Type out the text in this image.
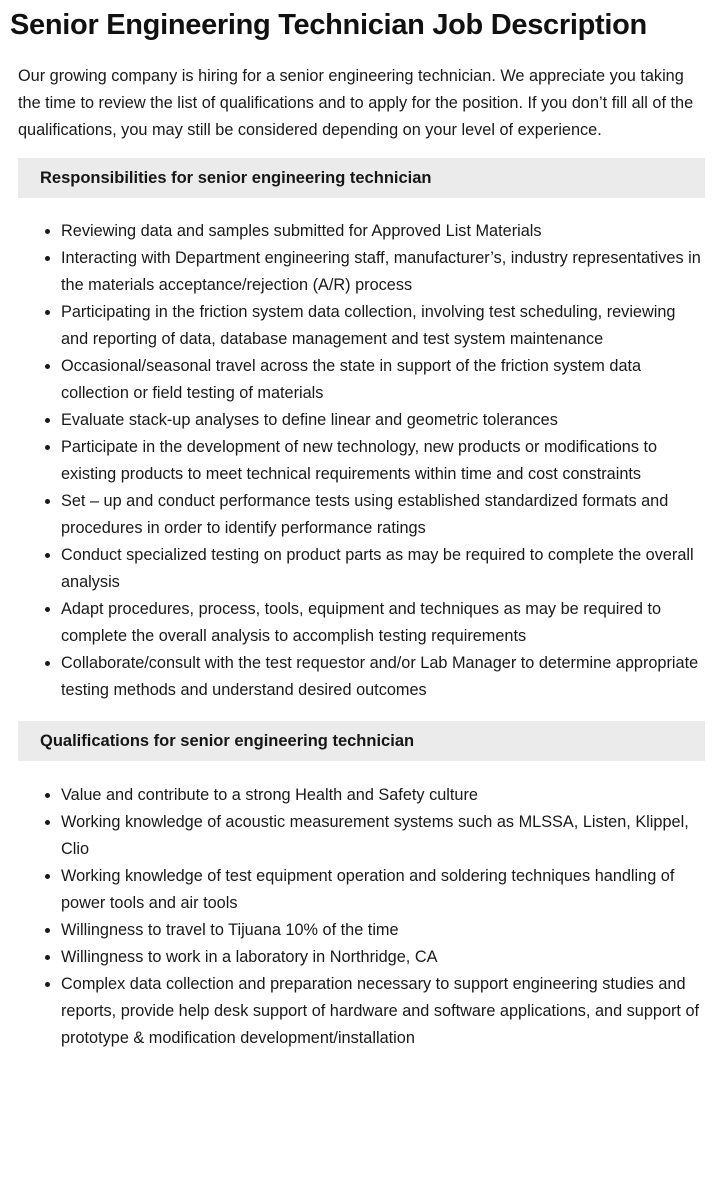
Senior Engineering Technician Job Description

Our growing company is hiring for a senior engineering technician. We appreciate you taking the time to review the list of qualifications and to apply for the position. If you don’t fill all of the qualifications, you may still be considered depending on your level of experience.

Responsibilities for senior engineering technician
• Reviewing data and samples submitted for Approved List Materials
• Interacting with Department engineering staff, manufacturer’s, industry representatives in the materials acceptance/rejection (A/R) process
• Participating in the friction system data collection, involving test scheduling, reviewing and reporting of data, database management and test system maintenance
• Occasional/seasonal travel across the state in support of the friction system data collection or field testing of materials
• Evaluate stack-up analyses to define linear and geometric tolerances
• Participate in the development of new technology, new products or modifications to existing products to meet technical requirements within time and cost constraints
• Set – up and conduct performance tests using established standardized formats and procedures in order to identify performance ratings
• Conduct specialized testing on product parts as may be required to complete the overall analysis
• Adapt procedures, process, tools, equipment and techniques as may be required to complete the overall analysis to accomplish testing requirements
• Collaborate/consult with the test requestor and/or Lab Manager to determine appropriate testing methods and understand desired outcomes
Qualifications for senior engineering technician
• Value and contribute to a strong Health and Safety culture
• Working knowledge of acoustic measurement systems such as MLSSA, Listen, Klippel, Clio
• Working knowledge of test equipment operation and soldering techniques handling of power tools and air tools
• Willingness to travel to Tijuana 10% of the time
• Willingness to work in a laboratory in Northridge, CA
• Complex data collection and preparation necessary to support engineering studies and reports, provide help desk support of hardware and software applications, and support of prototype & modification development/installation
